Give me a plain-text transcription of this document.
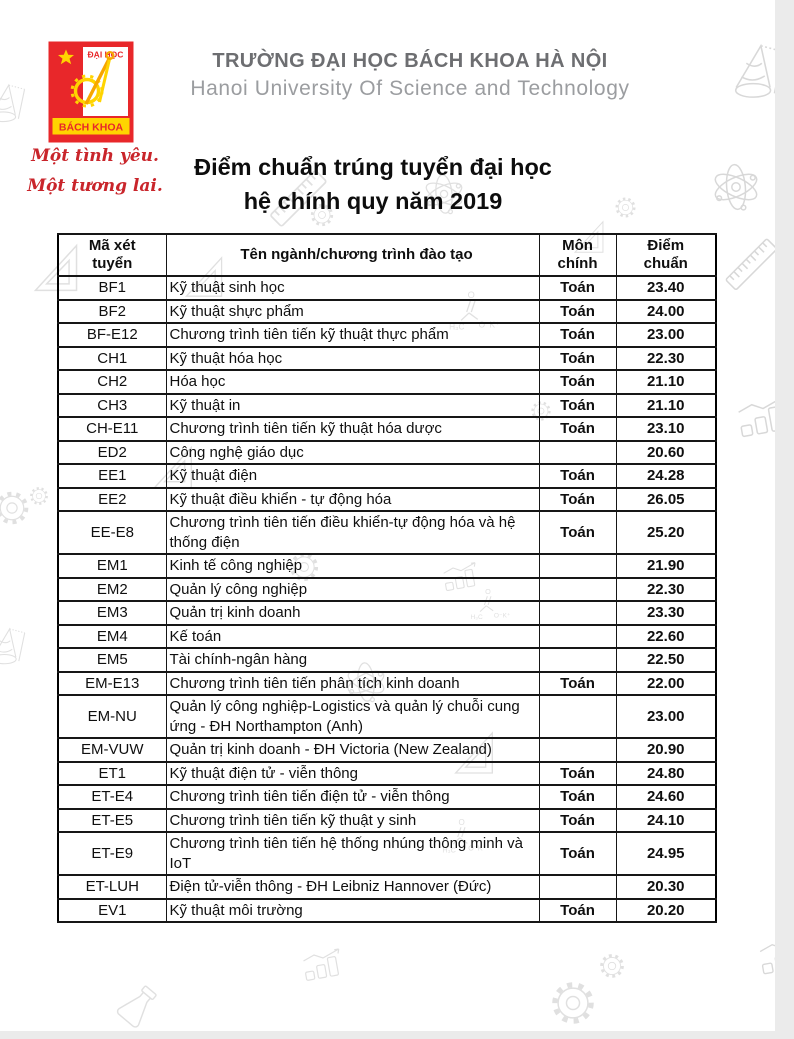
ĐẠI HỌC
BÁCH KHOA
Một tình yêu.
Một tương lai.
TRƯỜNG ĐẠI HỌC BÁCH KHOA HÀ NỘI
Hanoi University Of Science and Technology
Điểm chuẩn trúng tuyển đại học
hệ chính quy năm 2019
Mã xét tuyển	Tên ngành/chương trình đào tạo	Môn chính	Điểm chuẩn
BF1	Kỹ thuật sinh học	Toán	23.40
BF2	Kỹ thuật shực phẩm	Toán	24.00
BF-E12	Chương trình tiên tiến kỹ thuật thực phẩm	Toán	23.00
CH1	Kỹ thuật hóa học	Toán	22.30
CH2	Hóa học	Toán	21.10
CH3	Kỹ thuật in	Toán	21.10
CH-E11	Chương trình tiên tiến kỹ thuật hóa dược	Toán	23.10
ED2	Công nghệ giáo dục		20.60
EE1	Kỹ thuật điện	Toán	24.28
EE2	Kỹ thuật điều khiển - tự động hóa	Toán	26.05
EE-E8	Chương trình tiên tiến điều khiển-tự động hóa và hệ thống điện	Toán	25.20
EM1	Kinh tế công nghiệp		21.90
EM2	Quản lý công nghiệp		22.30
EM3	Quản trị kinh doanh		23.30
EM4	Kế toán		22.60
EM5	Tài chính-ngân hàng		22.50
EM-E13	Chương trình tiên tiến phân tích kinh doanh	Toán	22.00
EM-NU	Quản lý công nghiệp-Logistics và quản lý chuỗi cung ứng - ĐH Northampton (Anh)		23.00
EM-VUW	Quản trị kinh doanh - ĐH Victoria (New Zealand)		20.90
ET1	Kỹ thuật điện tử - viễn thông	Toán	24.80
ET-E4	Chương trình tiên tiến điện tử - viễn thông	Toán	24.60
ET-E5	Chương trình tiên tiến kỹ thuật y sinh	Toán	24.10
ET-E9	Chương trình tiên tiến hệ thống nhúng thông minh và IoT	Toán	24.95
ET-LUH	Điện tử-viễn thông - ĐH Leibniz Hannover (Đức)		20.30
EV1	Kỹ thuật môi trường	Toán	20.20
